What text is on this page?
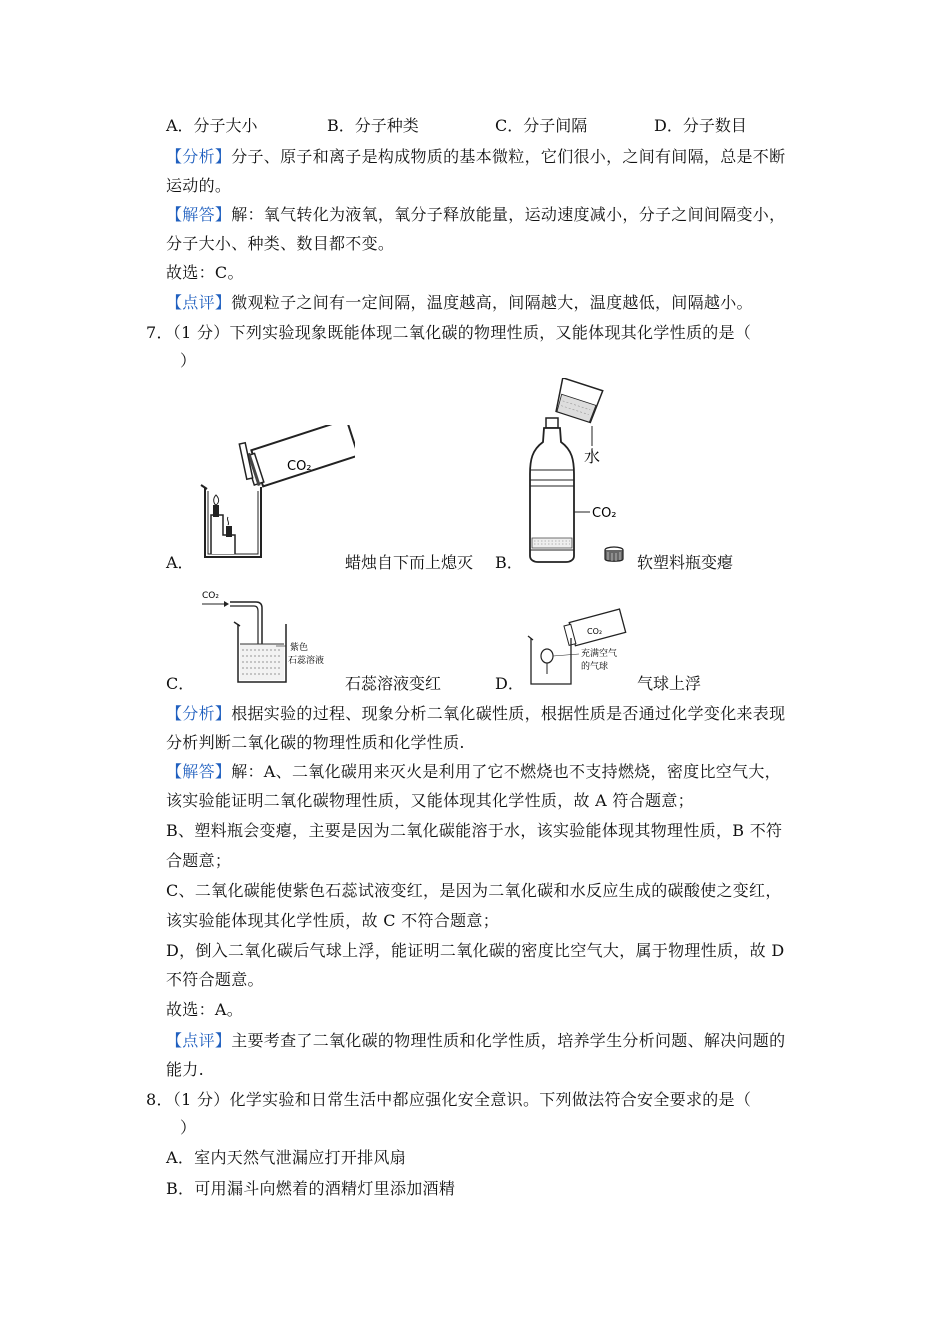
A．分子大小	B．分子种类	C．分子间隔	D．分子数目
【分析】分子、原子和离子是构成物质的基本微粒，它们很小，之间有间隔，总是不断
运动的。
【解答】解：氧气转化为液氧，氧分子释放能量，运动速度减小，分子之间间隔变小，
分子大小、种类、数目都不变。
故选：C。
【点评】微观粒子之间有一定间隔，温度越高，间隔越大，温度越低，间隔越小。
7．（1 分）下列实验现象既能体现二氧化碳的物理性质，又能体现其化学性质的是（
）
CO₂
A．	蜡烛自下而上熄灭
水
CO₂
B．	软塑料瓶变瘪
CO₂
紫色
石蕊溶液
C．	石蕊溶液变红
CO₂
充满空气
的气球
D．	气球上浮
【分析】根据实验的过程、现象分析二氧化碳性质，根据性质是否通过化学变化来表现
分析判断二氧化碳的物理性质和化学性质.
【解答】解：A、二氧化碳用来灭火是利用了它不燃烧也不支持燃烧，密度比空气大，
该实验能证明二氧化碳物理性质，又能体现其化学性质，故 A 符合题意；
B、塑料瓶会变瘪，主要是因为二氧化碳能溶于水，该实验能体现其物理性质，B 不符
合题意；
C、二氧化碳能使紫色石蕊试液变红，是因为二氧化碳和水反应生成的碳酸使之变红，
该实验能体现其化学性质，故 C 不符合题意；
D，倒入二氧化碳后气球上浮，能证明二氧化碳的密度比空气大，属于物理性质，故 D
不符合题意。
故选：A。
【点评】主要考查了二氧化碳的物理性质和化学性质，培养学生分析问题、解决问题的
能力.
8．（1 分）化学实验和日常生活中都应强化安全意识。下列做法符合安全要求的是（
）
A．室内天然气泄漏应打开排风扇
B．可用漏斗向燃着的酒精灯里添加酒精
